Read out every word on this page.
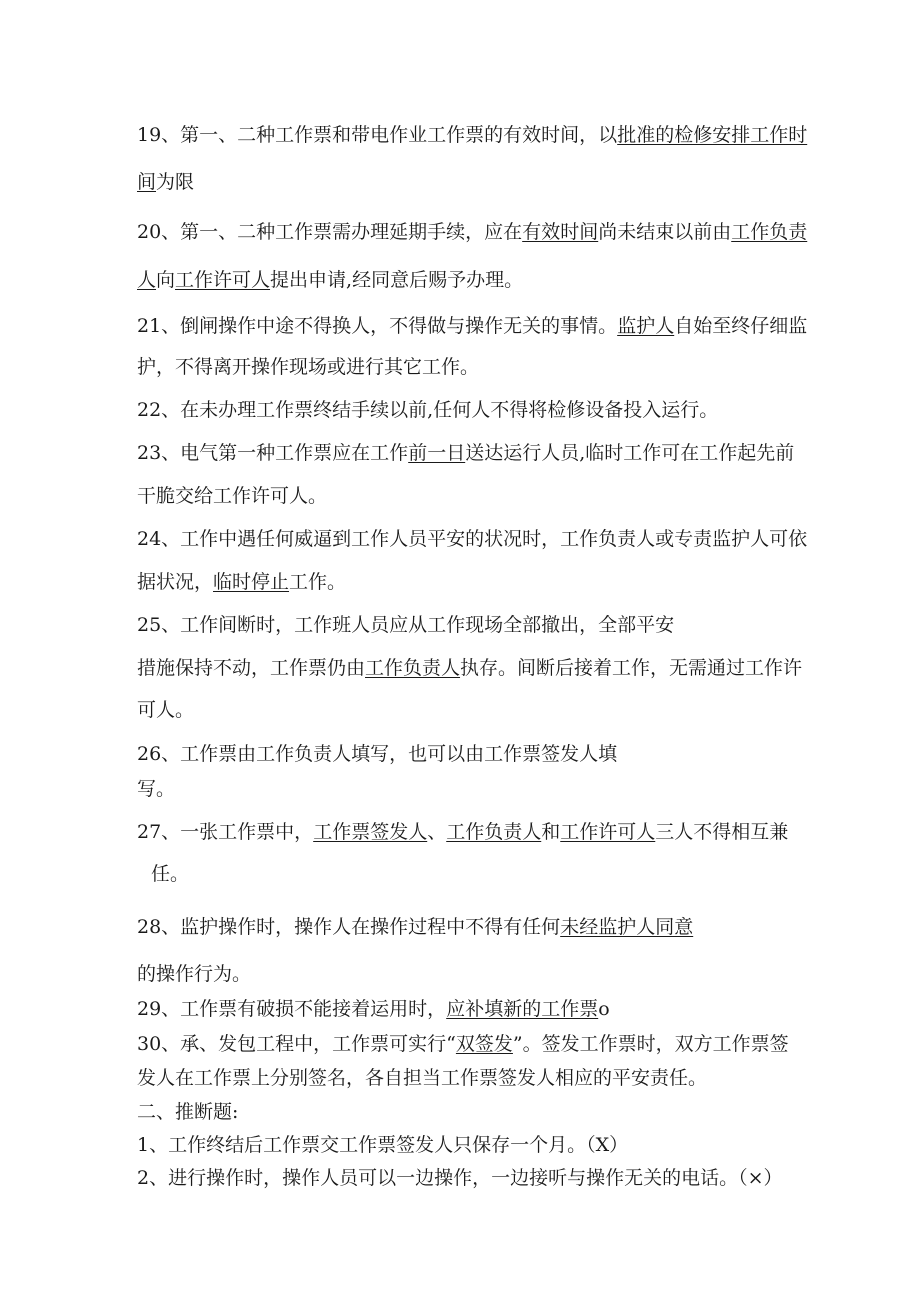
19、第一、二种工作票和带电作业工作票的有效时间，以批准的检修安排工作时
间为限
20、第一、二种工作票需办理延期手续，应在有效时间尚未结束以前由工作负责
人向工作许可人提出申请,经同意后赐予办理。
21、倒闸操作中途不得换人，不得做与操作无关的事情。监护人自始至终仔细监
护，不得离开操作现场或进行其它工作。
22、在未办理工作票终结手续以前,任何人不得将检修设备投入运行。
23、电气第一种工作票应在工作前一日送达运行人员,临时工作可在工作起先前
干脆交给工作许可人。
24、工作中遇任何威逼到工作人员平安的状况时，工作负责人或专责监护人可依
据状况，临时停止工作。
25、工作间断时，工作班人员应从工作现场全部撤出，全部平安
措施保持不动，工作票仍由工作负责人执存。间断后接着工作，无需通过工作许
可人。
26、工作票由工作负责人填写，也可以由工作票签发人填
写。
27、一张工作票中，工作票签发人、工作负责人和工作许可人三人不得相互兼
任。
28、监护操作时，操作人在操作过程中不得有任何未经监护人同意
的操作行为。
29、工作票有破损不能接着运用时，应补填新的工作票o
30、承、发包工程中，工作票可实行“双签发”。签发工作票时，双方工作票签
发人在工作票上分别签名，各自担当工作票签发人相应的平安责任。
二、推断题:
1、工作终结后工作票交工作票签发人只保存一个月。（X）
2、进行操作时，操作人员可以一边操作，一边接听与操作无关的电话。（×）
